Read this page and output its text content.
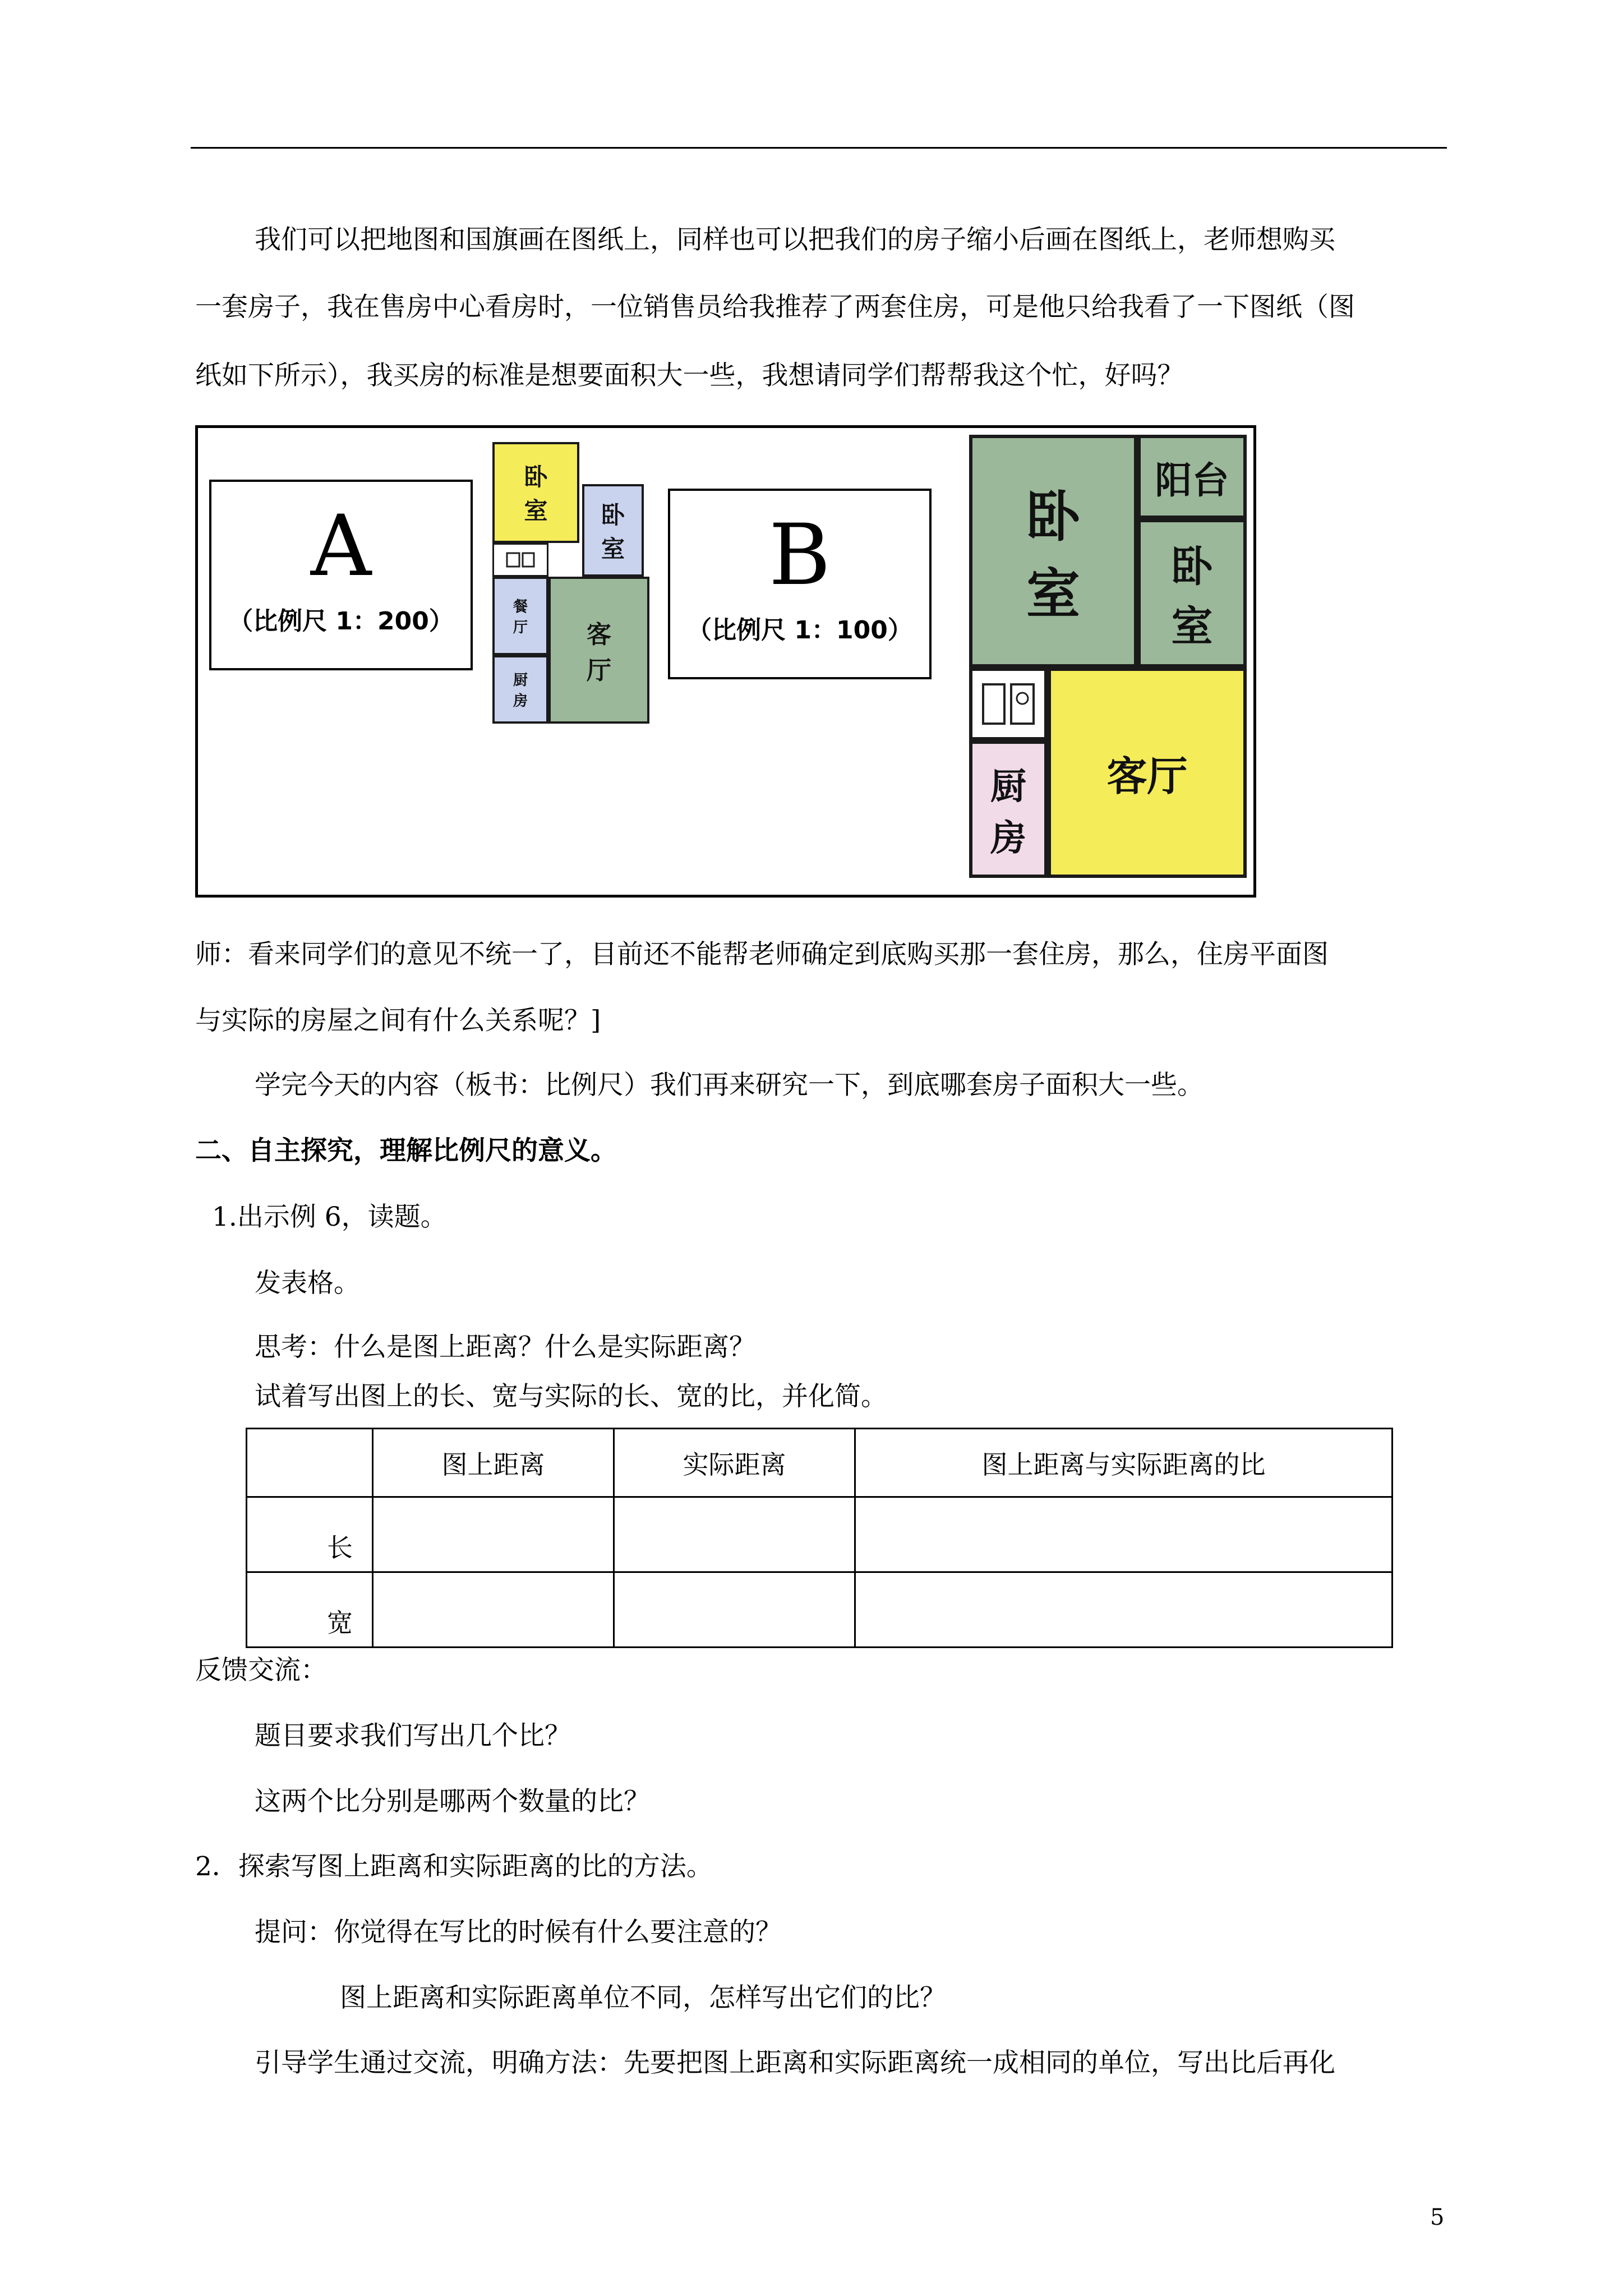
我们可以把地图和国旗画在图纸上，同样也可以把我们的房子缩小后画在图纸上，老师想购买

一套房子，我在售房中心看房时，一位销售员给我推荐了两套住房，可是他只给我看了一下图纸（图

纸如下所示），我买房的标准是想要面积大一些，我想请同学们帮帮我这个忙，好吗？

A
（比例尺 1：200）
卧
室 卧
室
客
厅
餐
厅
厨
房
B
（比例尺 1：100）
卧
室
阳台
卧
室
厨
房
客厅

师：看来同学们的意见不统一了，目前还不能帮老师确定到底购买那一套住房，那么，住房平面图

与实际的房屋之间有什么关系呢？]

学完今天的内容（板书：比例尺）我们再来研究一下，到底哪套房子面积大一些。

二、自主探究，理解比例尺的意义。

1.出示例 6，读题。

发表格。

思考：什么是图上距离？什么是实际距离？

试着写出图上的长、宽与实际的长、宽的比，并化简。

	图上距离	实际距离	图上距离与实际距离的比
长			
宽			

反馈交流：

题目要求我们写出几个比？

这两个比分别是哪两个数量的比？

2．探索写图上距离和实际距离的比的方法。

提问：你觉得在写比的时候有什么要注意的？

图上距离和实际距离单位不同，怎样写出它们的比？

引导学生通过交流，明确方法：先要把图上距离和实际距离统一成相同的单位，写出比后再化

5
